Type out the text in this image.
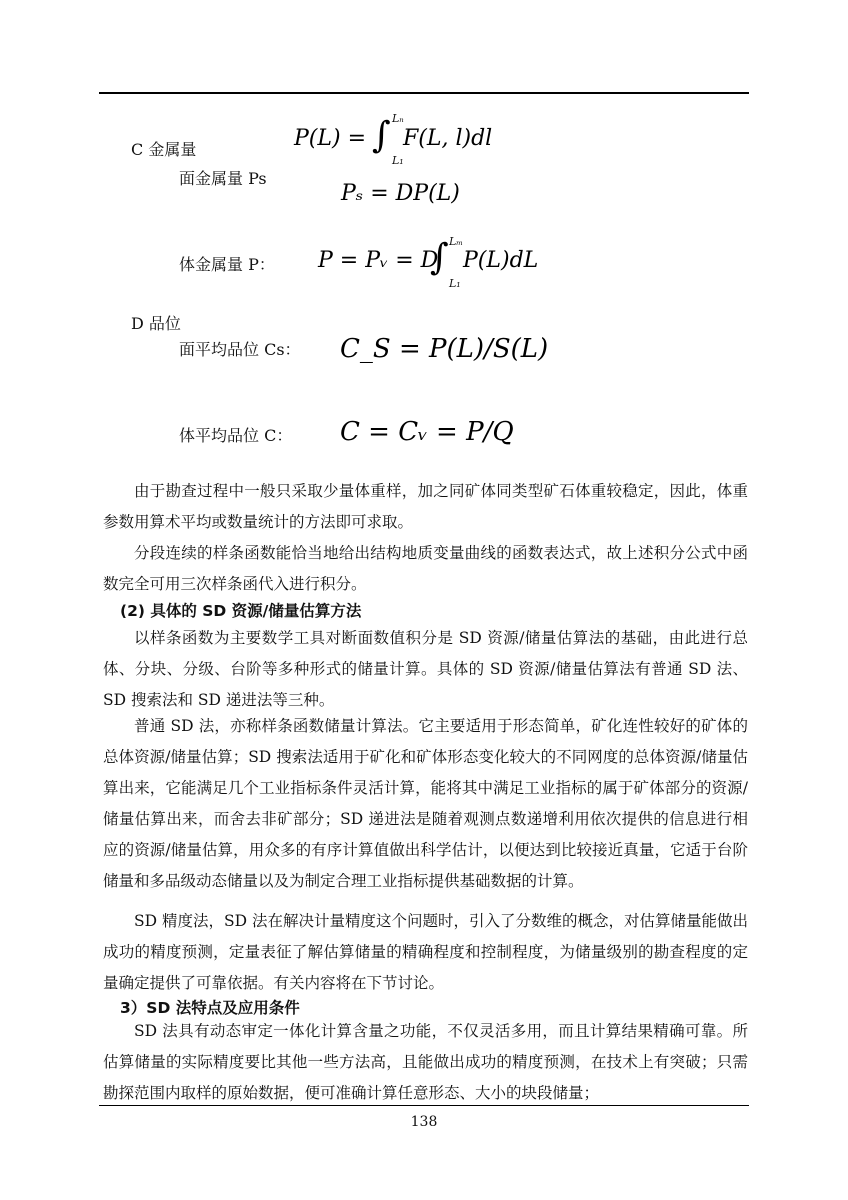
C 金属量
面金属量 Ps
体金属量 P：
D 品位
面平均品位 Cs：
体平均品位 C：
P(L) = ∫ Lₙ
L₁
F(L, l)dl
Pₛ = DP(L)
P = Pᵥ = D
∫ Lₘ
L₁
P(L)dL
C_S = P(L)/S(L)
C = Cᵥ = P/Q

由于勘查过程中一般只采取少量体重样，加之同矿体同类型矿石体重较稳定，因此，体重参数用算术平均或数量统计的方法即可求取。

分段连续的样条函数能恰当地给出结构地质变量曲线的函数表达式，故上述积分公式中函数完全可用三次样条函代入进行积分。

(2) 具体的 SD 资源/储量估算方法

以样条函数为主要数学工具对断面数值积分是 SD 资源/储量估算法的基础，由此进行总体、分块、分级、台阶等多种形式的储量计算。具体的 SD 资源/储量估算法有普通 SD 法、SD 搜索法和 SD 递进法等三种。

普通 SD 法，亦称样条函数储量计算法。它主要适用于形态简单，矿化连性较好的矿体的总体资源/储量估算；SD 搜索法适用于矿化和矿体形态变化较大的不同网度的总体资源/储量估算出来，它能满足几个工业指标条件灵活计算，能将其中满足工业指标的属于矿体部分的资源/储量估算出来，而舍去非矿部分；SD 递进法是随着观测点数递增利用依次提供的信息进行相应的资源/储量估算，用众多的有序计算值做出科学估计，以便达到比较接近真量，它适于台阶储量和多品级动态储量以及为制定合理工业指标提供基础数据的计算。

SD 精度法，SD 法在解决计量精度这个问题时，引入了分数维的概念，对估算储量能做出成功的精度预测，定量表征了解估算储量的精确程度和控制程度，为储量级别的勘查程度的定量确定提供了可靠依据。有关内容将在下节讨论。

3）SD 法特点及应用条件

SD 法具有动态审定一体化计算含量之功能，不仅灵活多用，而且计算结果精确可靠。所估算储量的实际精度要比其他一些方法高，且能做出成功的精度预测，在技术上有突破；只需勘探范围内取样的原始数据，便可准确计算任意形态、大小的块段储量；

138
